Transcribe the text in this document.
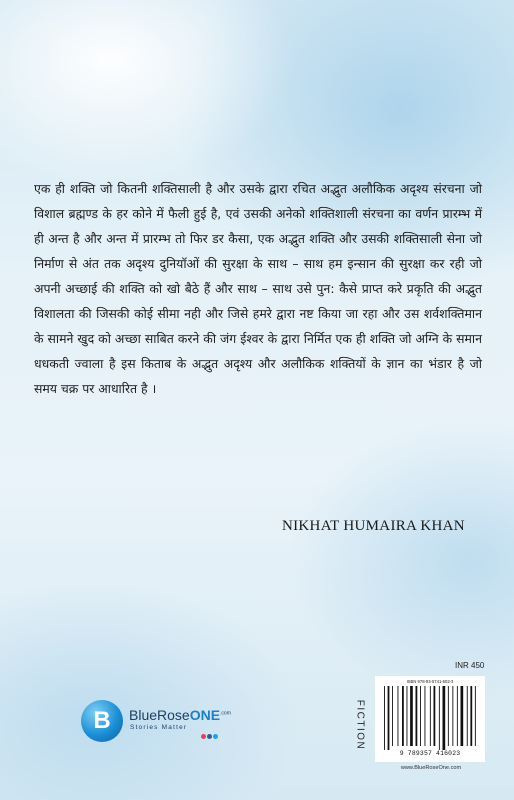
एक ही शक्ति जो कितनी शक्तिसाली है और उसके द्वारा रचित अद्भुत अलौकिक अदृश्य संरचना जो विशाल ब्रह्मण्ड के हर कोने में फैली हुई है, एवं उसकी अनेको शक्तिशाली संरचना का वर्णन प्रारम्भ में ही अन्त है और अन्त में प्रारम्भ तो फिर डर कैसा, एक अद्भुत शक्ति और उसकी शक्तिसाली सेना जो निर्माण से अंत तक अदृश्य दुनियॉओं की सुरक्षा के साथ – साथ हम इन्सान की सुरक्षा कर रही जो अपनी अच्छाई की शक्ति को खो बैठे हैं और साथ – साथ उसे पुन: कैसे प्राप्त करे प्रकृति की अद्भुत विशालता की जिसकी कोई सीमा नही और जिसे हमरे द्वारा नष्ट किया जा रहा और उस शर्वशक्तिमान के सामने खुद को अच्छा साबित करने की जंग ईश्वर के द्वारा निर्मित एक ही शक्ति जो अग्नि के समान धधकती ज्वाला है इस किताब के अद्भुत अदृश्य और अलौकिक शक्तियों के ज्ञान का भंडार है जो समय चक्र पर आधारित है ।

NIKHAT HUMAIRA KHAN
B BlueRoseONE$^{.com}$
Stories Matter
INR 450
FICTION
ISBN 978-93-5741-602-3
9 789357 416023
www.BlueRoseOne.com
